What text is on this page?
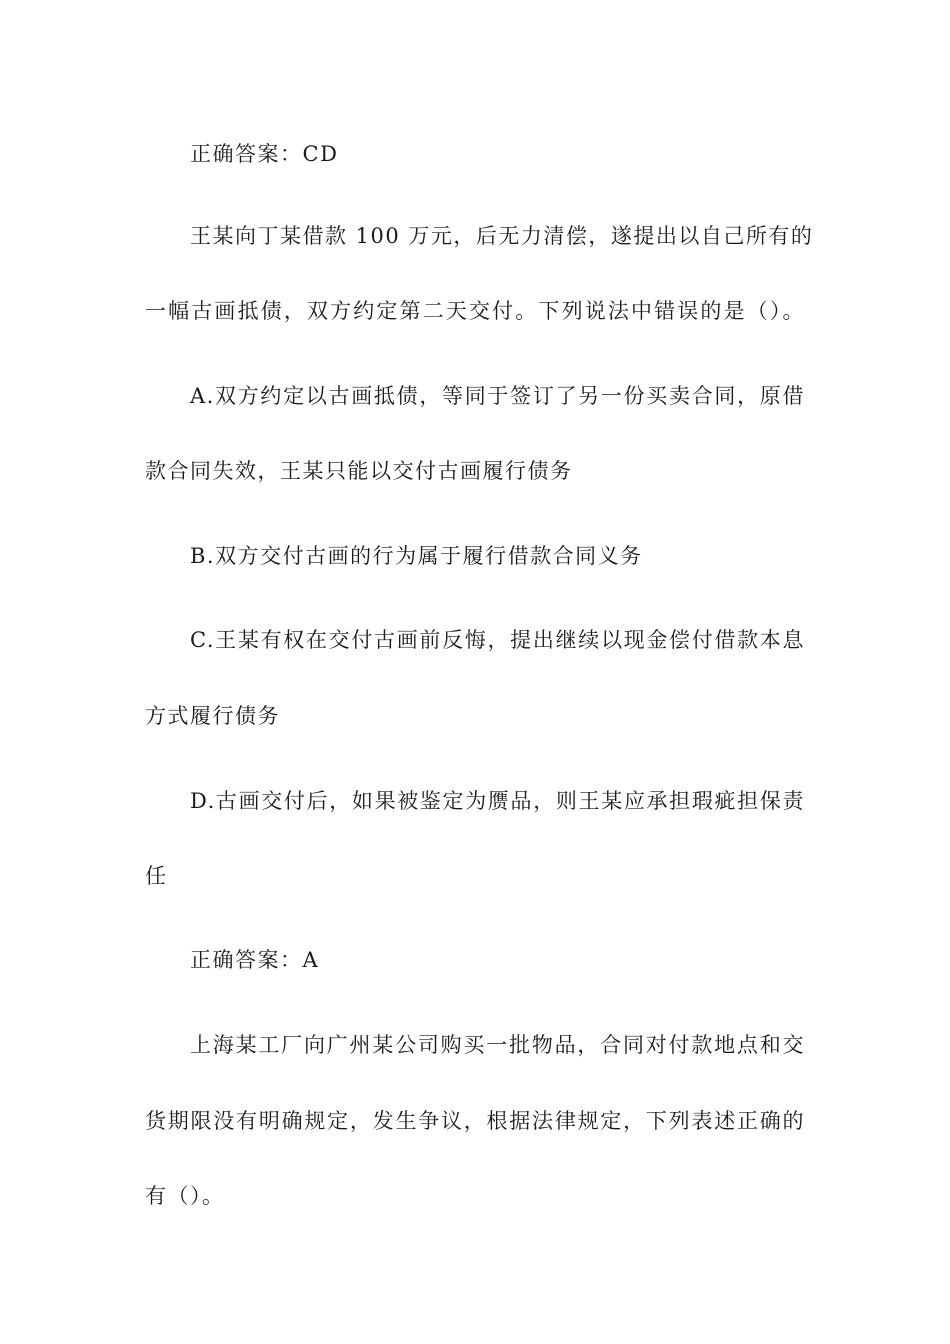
正确答案：CD
王某向丁某借款 100 万元，后无力清偿，遂提出以自己所有的
一幅古画抵债，双方约定第二天交付。下列说法中错误的是（）。
A.双方约定以古画抵债，等同于签订了另一份买卖合同，原借
款合同失效，王某只能以交付古画履行债务
B.双方交付古画的行为属于履行借款合同义务
C.王某有权在交付古画前反悔，提出继续以现金偿付借款本息
方式履行债务
D.古画交付后，如果被鉴定为赝品，则王某应承担瑕疵担保责
任
正确答案：A
上海某工厂向广州某公司购买一批物品，合同对付款地点和交
货期限没有明确规定，发生争议，根据法律规定，下列表述正确的
有（）。
